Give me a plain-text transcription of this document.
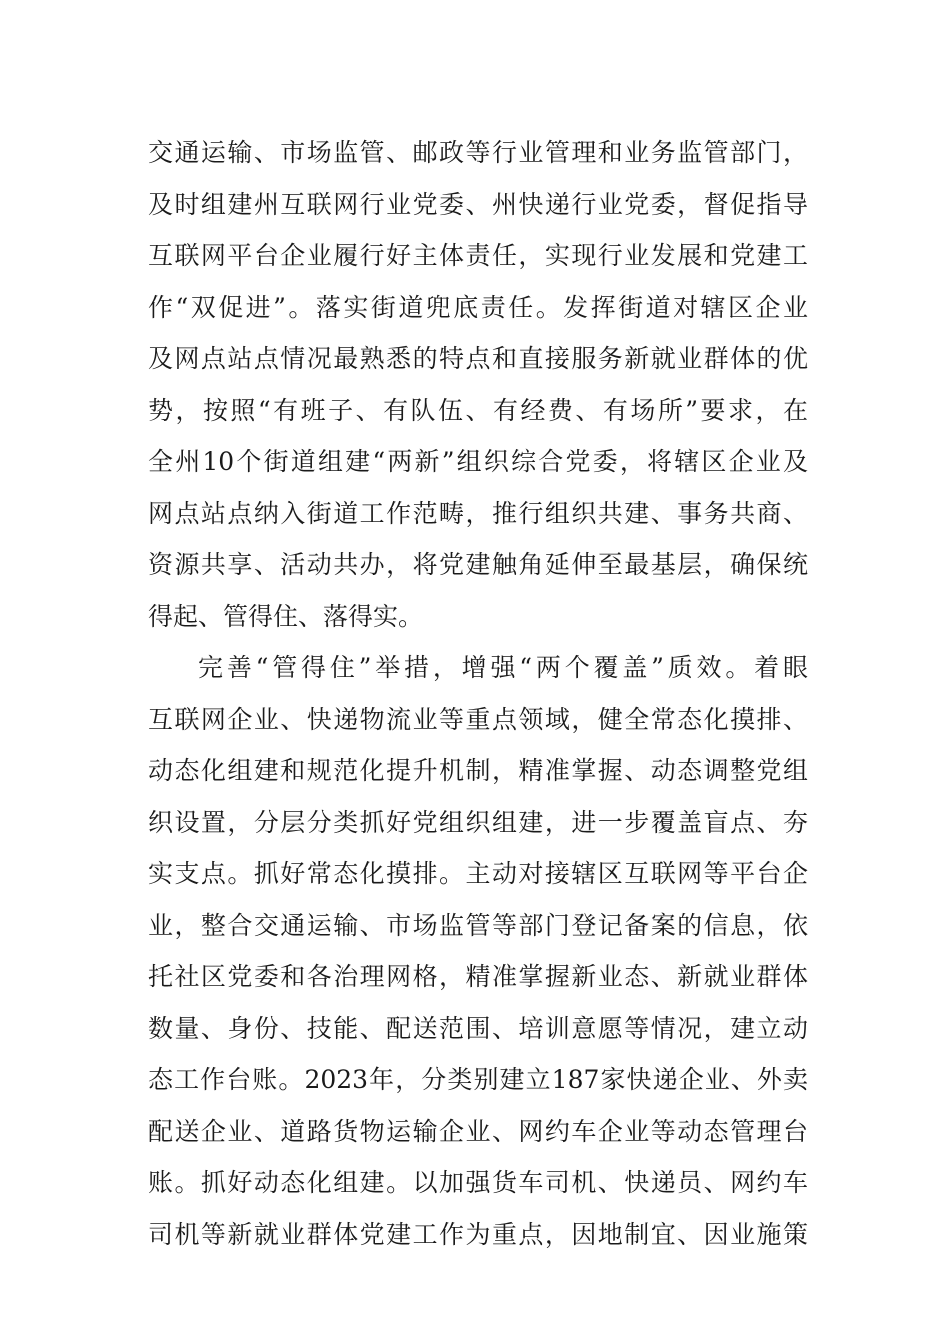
交通运输、市场监管、邮政等行业管理和业务监管部门，
及时组建州互联网行业党委、州快递行业党委，督促指导
互联网平台企业履行好主体责任，实现行业发展和党建工
作“双促进”。落实街道兜底责任。发挥街道对辖区企业
及网点站点情况最熟悉的特点和直接服务新就业群体的优
势，按照“有班子、有队伍、有经费、有场所”要求，在
全州10个街道组建“两新”组织综合党委，将辖区企业及
网点站点纳入街道工作范畴，推行组织共建、事务共商、
资源共享、活动共办，将党建触角延伸至最基层，确保统
得起、管得住、落得实。
完善“管得住”举措，增强“两个覆盖”质效。着眼
互联网企业、快递物流业等重点领域，健全常态化摸排、
动态化组建和规范化提升机制，精准掌握、动态调整党组
织设置，分层分类抓好党组织组建，进一步覆盖盲点、夯
实支点。抓好常态化摸排。主动对接辖区互联网等平台企
业，整合交通运输、市场监管等部门登记备案的信息，依
托社区党委和各治理网格，精准掌握新业态、新就业群体
数量、身份、技能、配送范围、培训意愿等情况，建立动
态工作台账。2023年，分类别建立187家快递企业、外卖
配送企业、道路货物运输企业、网约车企业等动态管理台
账。抓好动态化组建。以加强货车司机、快递员、网约车
司机等新就业群体党建工作为重点，因地制宜、因业施策
